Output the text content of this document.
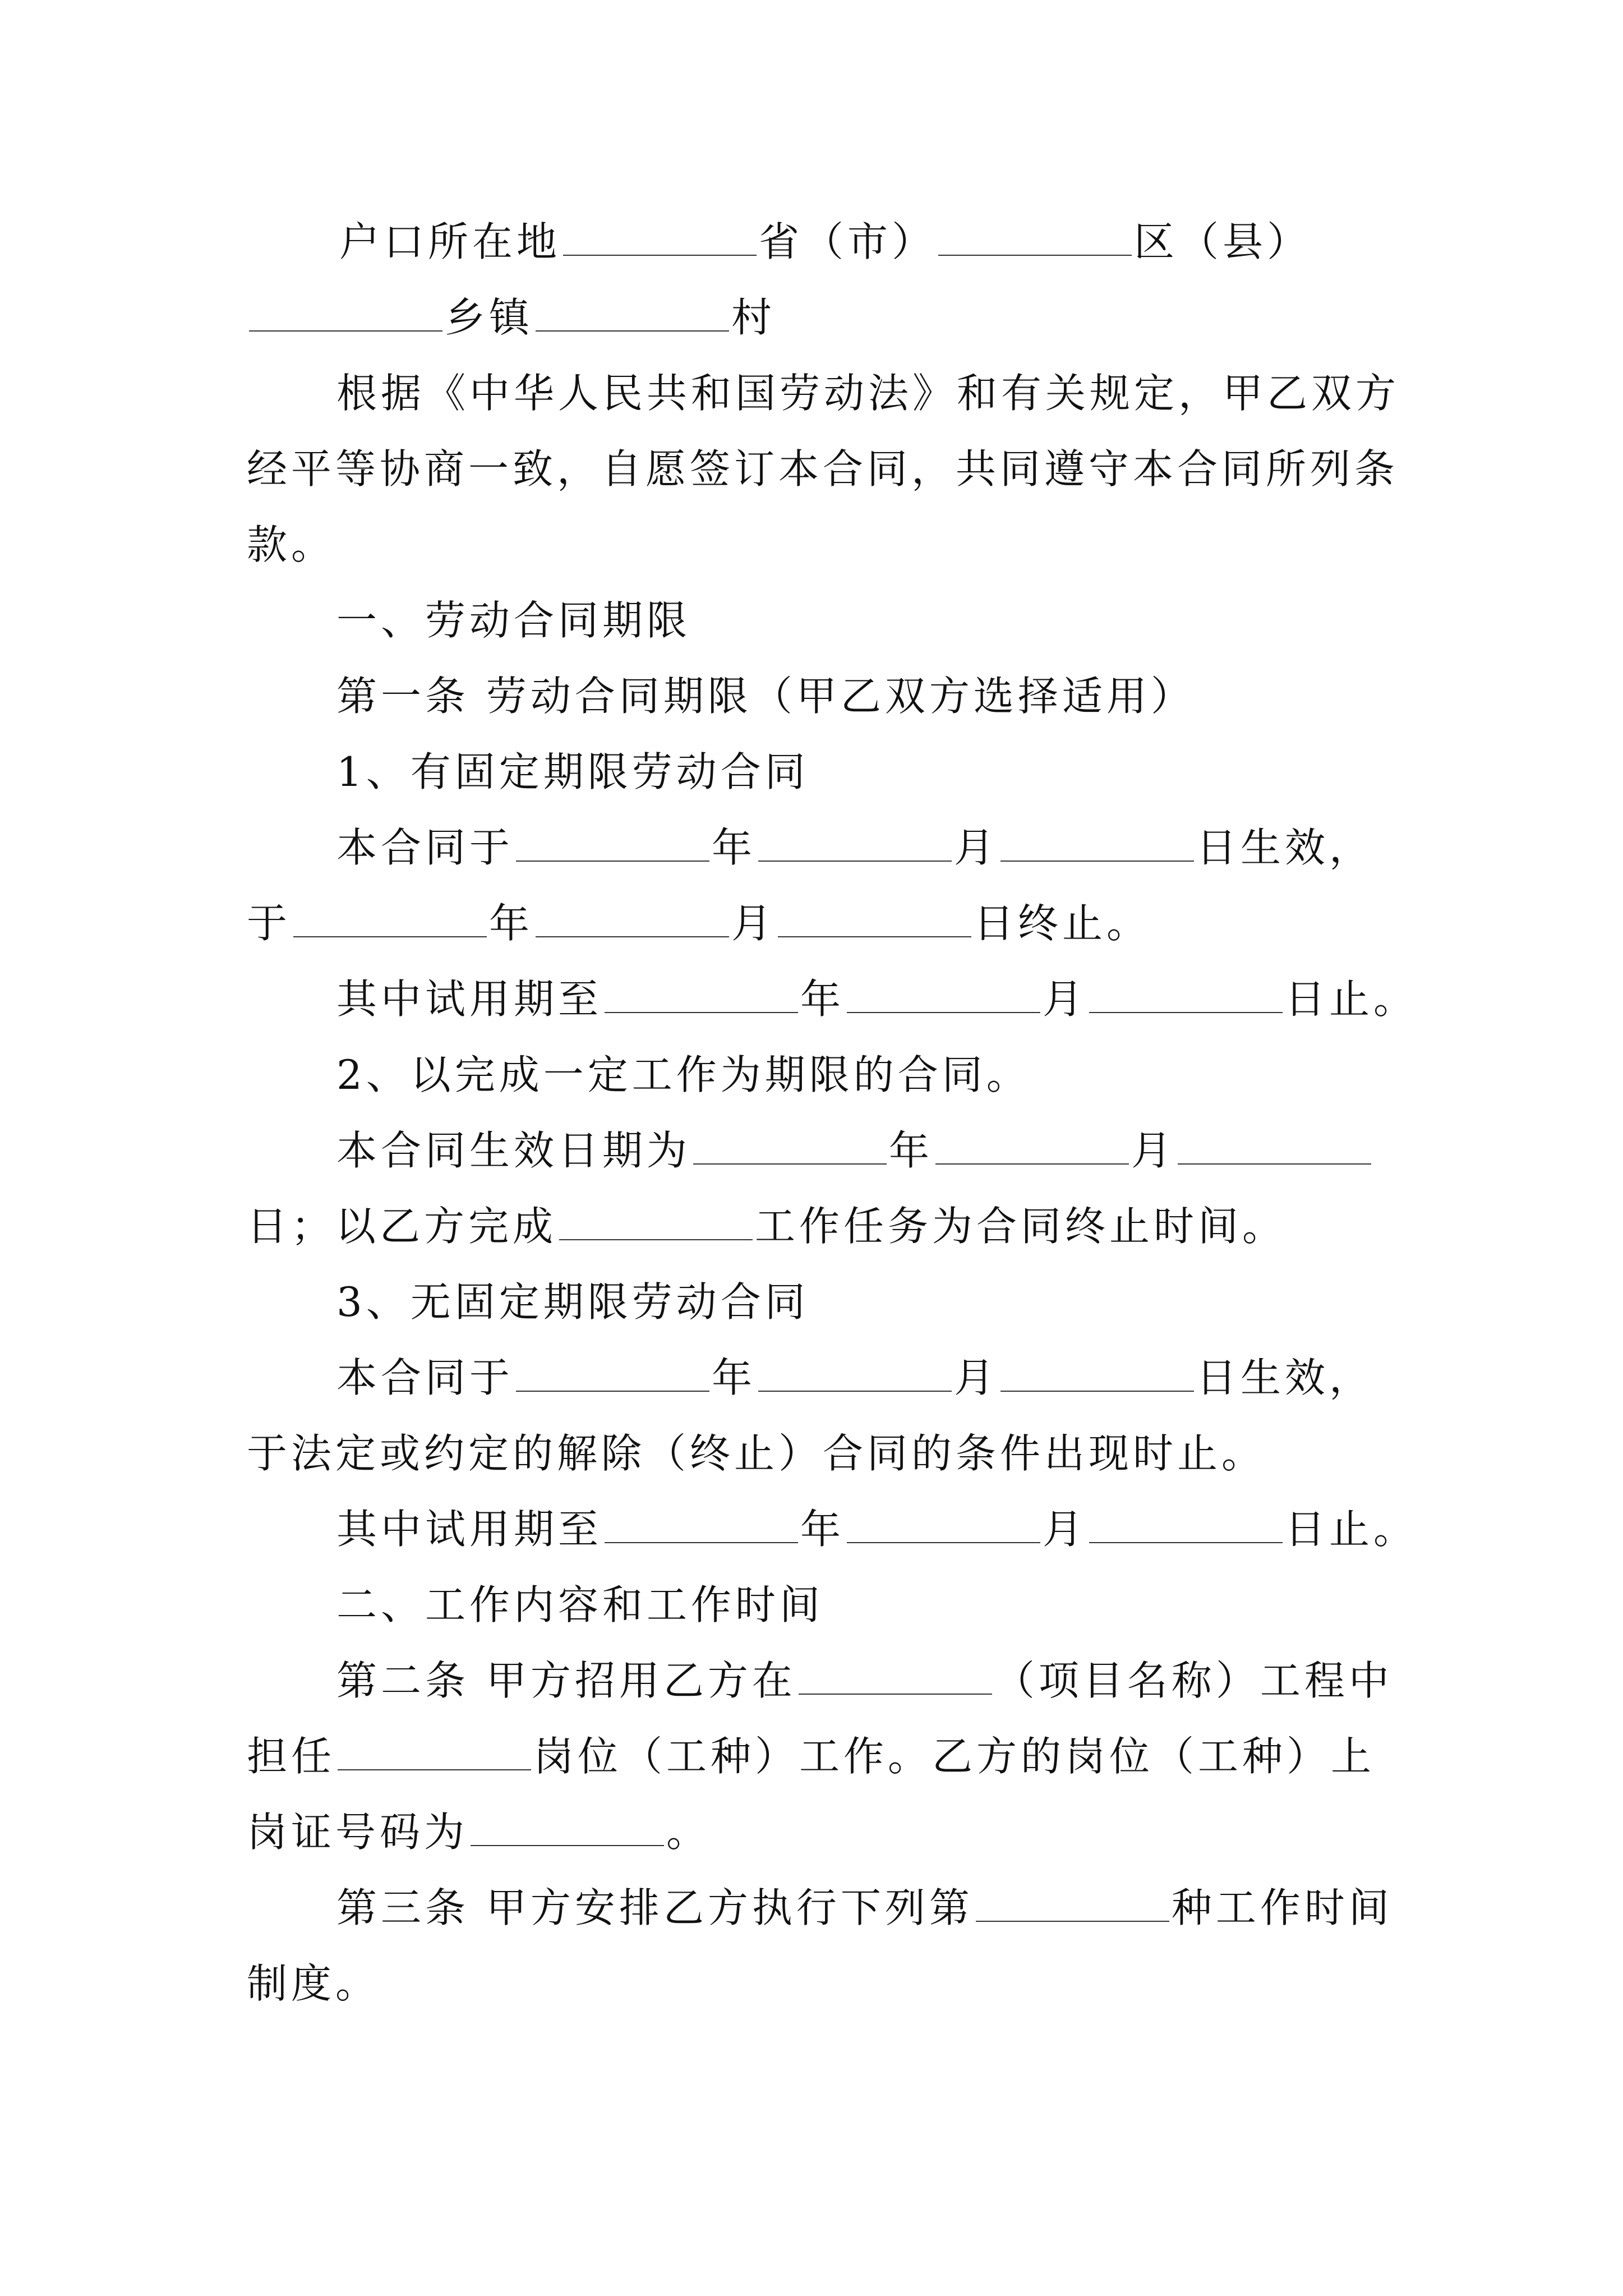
户口所在地	省（市）	区（县）
乡镇	村
根据《中华人民共和国劳动法》和有关规定，甲乙双方
经平等协商一致，自愿签订本合同，共同遵守本合同所列条
款。
一、劳动合同期限
第一条 劳动合同期限（甲乙双方选择适用）
1、有固定期限劳动合同
本合同于	年	月	日生效，
于	年	月	日终止。
其中试用期至	年	月	日止。
2、以完成一定工作为期限的合同。
本合同生效日期为	年	月
日；以乙方完成	工作任务为合同终止时间。
3、无固定期限劳动合同
本合同于	年	月	日生效，
于法定或约定的解除（终止）合同的条件出现时止。
其中试用期至	年	月	日止。
二、工作内容和工作时间
第二条 甲方招用乙方在	（项目名称）工程中
担任	岗位（工种）工作。乙方的岗位（工种）上
岗证号码为	。
第三条 甲方安排乙方执行下列第	种工作时间
制度。
